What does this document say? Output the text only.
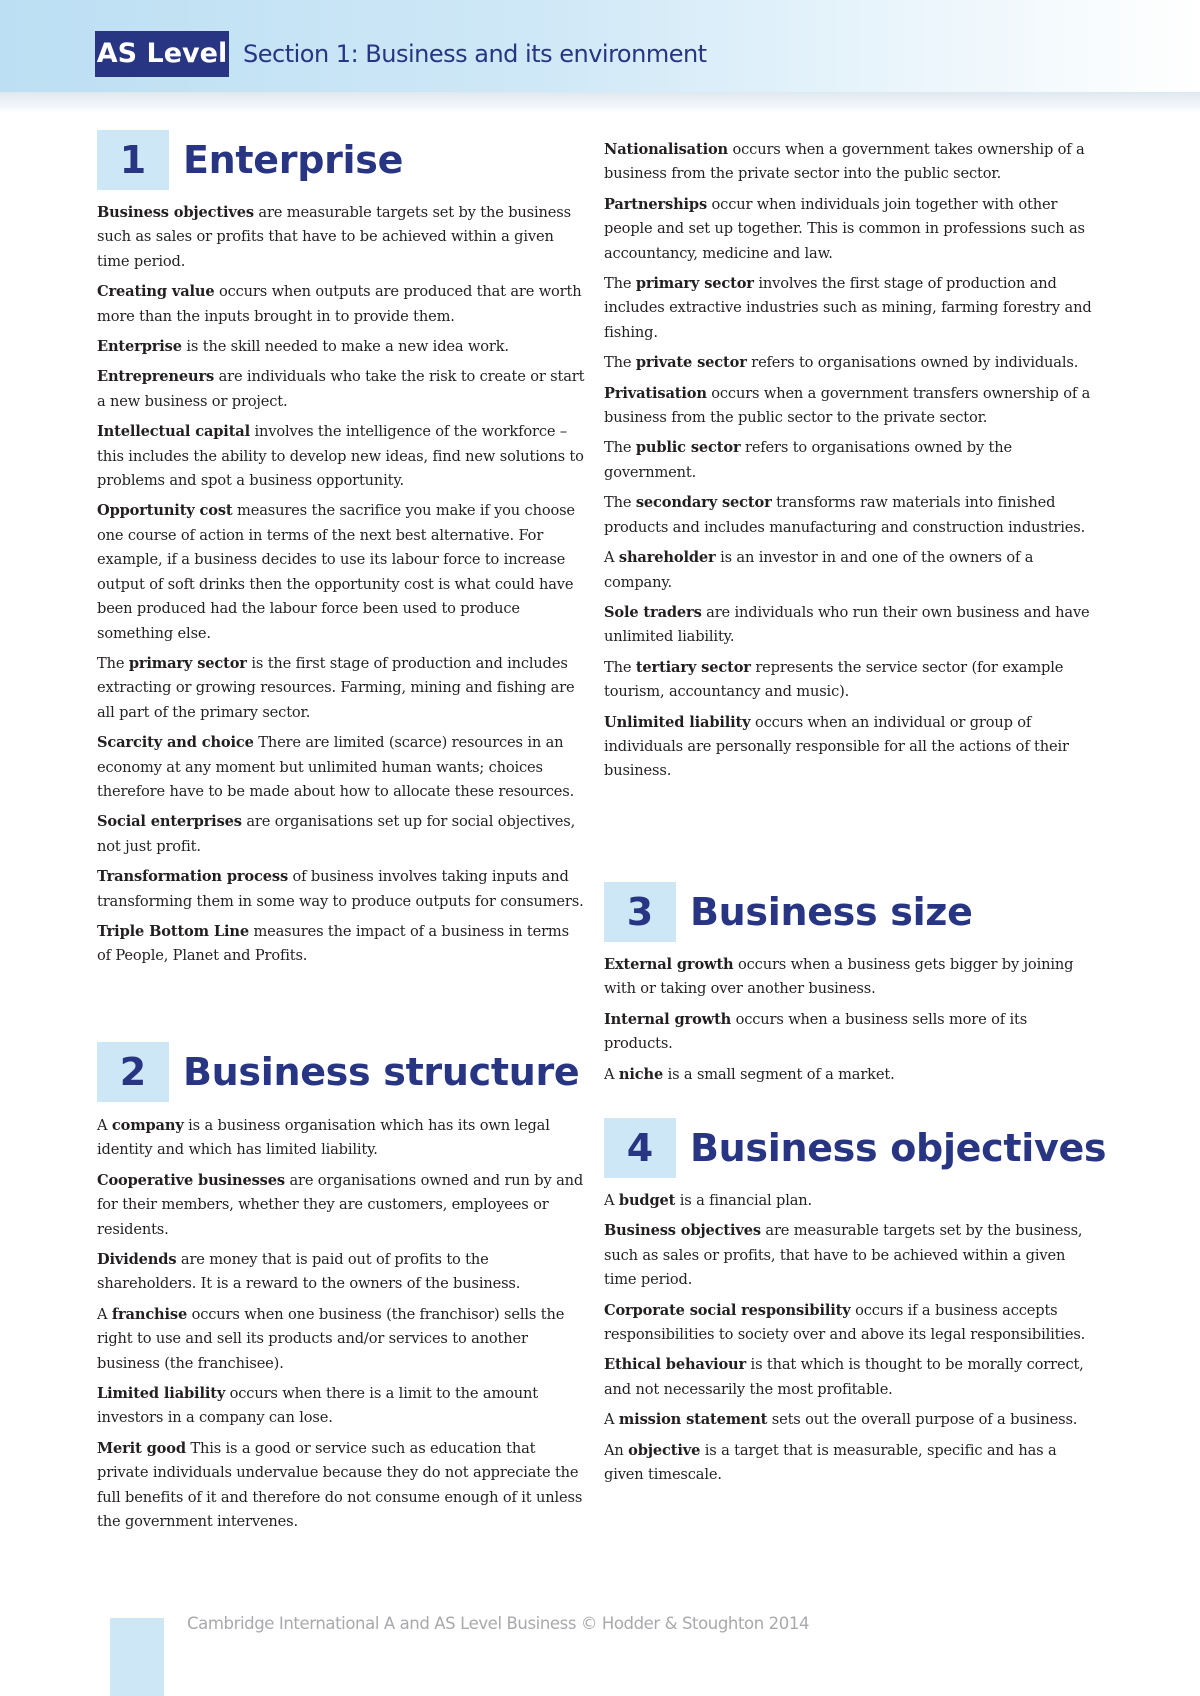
AS Level Section 1: Business and its environment
1 Enterprise

Business objectives are measurable targets set by the business such as sales or profits that have to be achieved within a given time period.

Creating value occurs when outputs are produced that are worth more than the inputs brought in to provide them.

Enterprise is the skill needed to make a new idea work.

Entrepreneurs are individuals who take the risk to create or start a new business or project.

Intellectual capital involves the intelligence of the workforce – this includes the ability to develop new ideas, find new solutions to problems and spot a business opportunity.

Opportunity cost measures the sacrifice you make if you choose one course of action in terms of the next best alternative. For example, if a business decides to use its labour force to increase output of soft drinks then the opportunity cost is what could have been produced had the labour force been used to produce something else.

The primary sector is the first stage of production and includes extracting or growing resources. Farming, mining and fishing are all part of the primary sector.

Scarcity and choice There are limited (scarce) resources in an economy at any moment but unlimited human wants; choices therefore have to be made about how to allocate these resources.

Social enterprises are organisations set up for social objectives, not just profit.

Transformation process of business involves taking inputs and transforming them in some way to produce outputs for consumers.

Triple Bottom Line measures the impact of a business in terms of People, Planet and Profits.

2 Business structure

A company is a business organisation which has its own legal identity and which has limited liability.

Cooperative businesses are organisations owned and run by and for their members, whether they are customers, employees or residents.

Dividends are money that is paid out of profits to the shareholders. It is a reward to the owners of the business.

A franchise occurs when one business (the franchisor) sells the right to use and sell its products and/or services to another business (the franchisee).

Limited liability occurs when there is a limit to the amount investors in a company can lose.

Merit good This is a good or service such as education that private individuals undervalue because they do not appreciate the full benefits of it and therefore do not consume enough of it unless the government intervenes.

Nationalisation occurs when a government takes ownership of a business from the private sector into the public sector.

Partnerships occur when individuals join together with other people and set up together. This is common in professions such as accountancy, medicine and law.

The primary sector involves the first stage of production and includes extractive industries such as mining, farming forestry and fishing.

The private sector refers to organisations owned by individuals.

Privatisation occurs when a government transfers ownership of a business from the public sector to the private sector.

The public sector refers to organisations owned by the government.

The secondary sector transforms raw materials into finished products and includes manufacturing and construction industries.

A shareholder is an investor in and one of the owners of a company.

Sole traders are individuals who run their own business and have unlimited liability.

The tertiary sector represents the service sector (for example tourism, accountancy and music).

Unlimited liability occurs when an individual or group of individuals are personally responsible for all the actions of their business.

3 Business size

External growth occurs when a business gets bigger by joining with or taking over another business.

Internal growth occurs when a business sells more of its products.

A niche is a small segment of a market.

4 Business objectives

A budget is a financial plan.

Business objectives are measurable targets set by the business, such as sales or profits, that have to be achieved within a given time period.

Corporate social responsibility occurs if a business accepts responsibilities to society over and above its legal responsibilities.

Ethical behaviour is that which is thought to be morally correct, and not necessarily the most profitable.

A mission statement sets out the overall purpose of a business.

An objective is a target that is measurable, specific and has a given timescale.

Cambridge International A and AS Level Business © Hodder & Stoughton 2014
